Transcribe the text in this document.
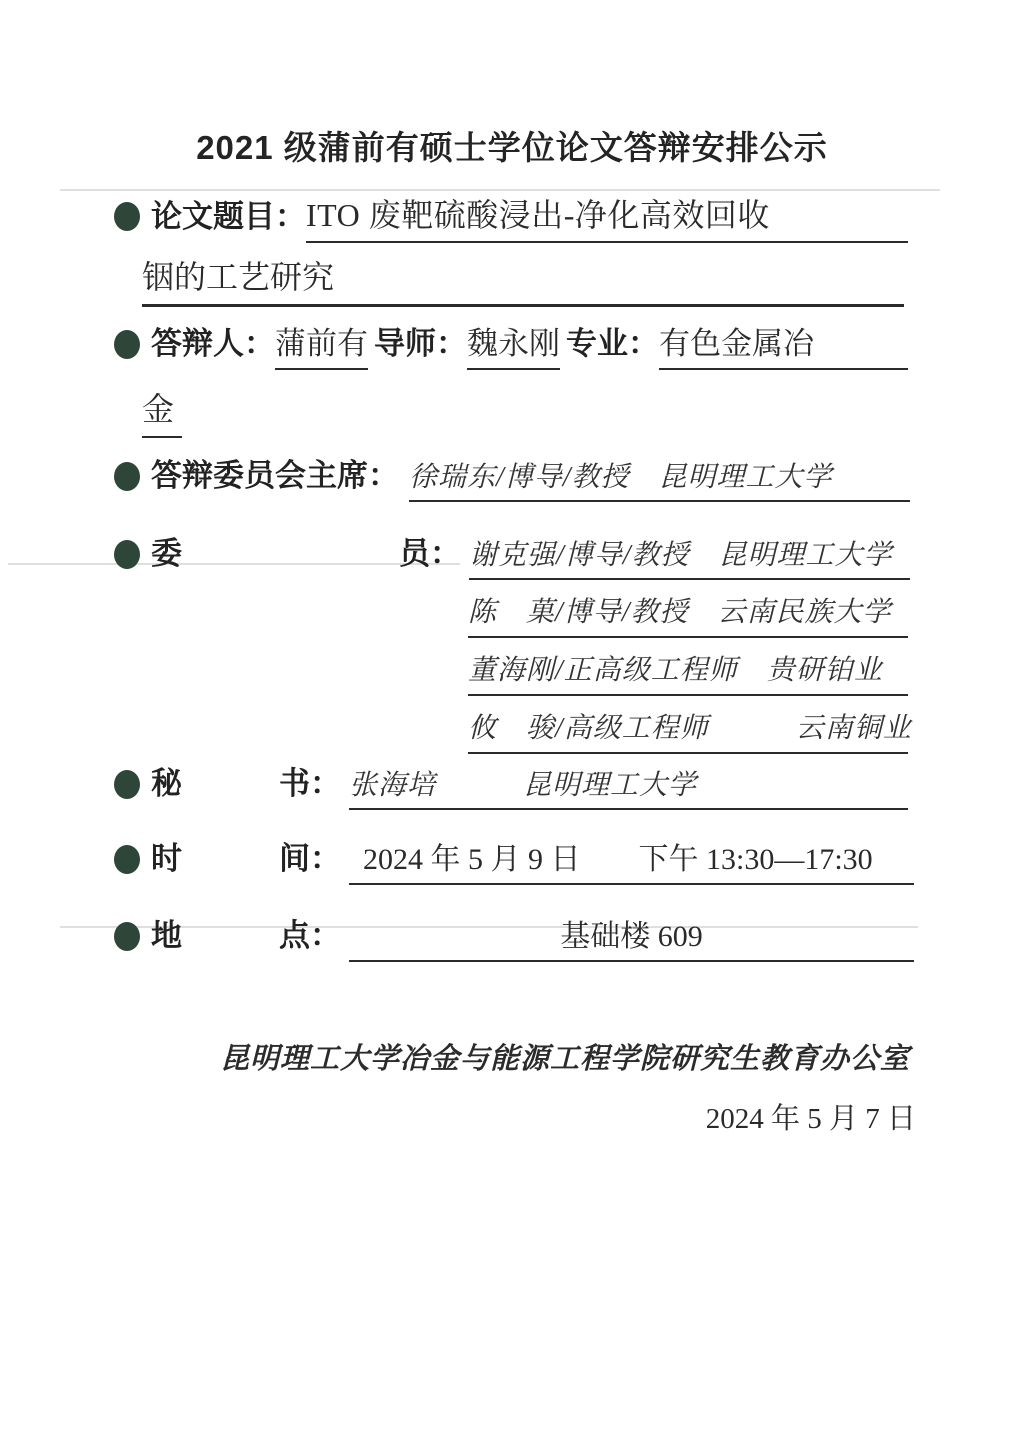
2021 级蒲前有硕士学位论文答辩安排公示
论文题目： ITO 废靶硫酸浸出-净化高效回收
铟的工艺研究
答辩人： 蒲前有 导师： 魏永刚 专业： 有色金属冶
金
答辩委员会主席： 徐瑞东/博导/教授　昆明理工大学
委	员： 谢克强/博导/教授　昆明理工大学
陈　菓/博导/教授　云南民族大学
董海刚/正高级工程师　贵研铂业
攸　骏/高级工程师　　　云南铜业
秘	书： 张海培　　　昆明理工大学
时	间： 2024 年 5 月 9 日 下午 13:30—17:30
地	点：	基础楼 609
昆明理工大学冶金与能源工程学院研究生教育办公室
2024 年 5 月 7 日
